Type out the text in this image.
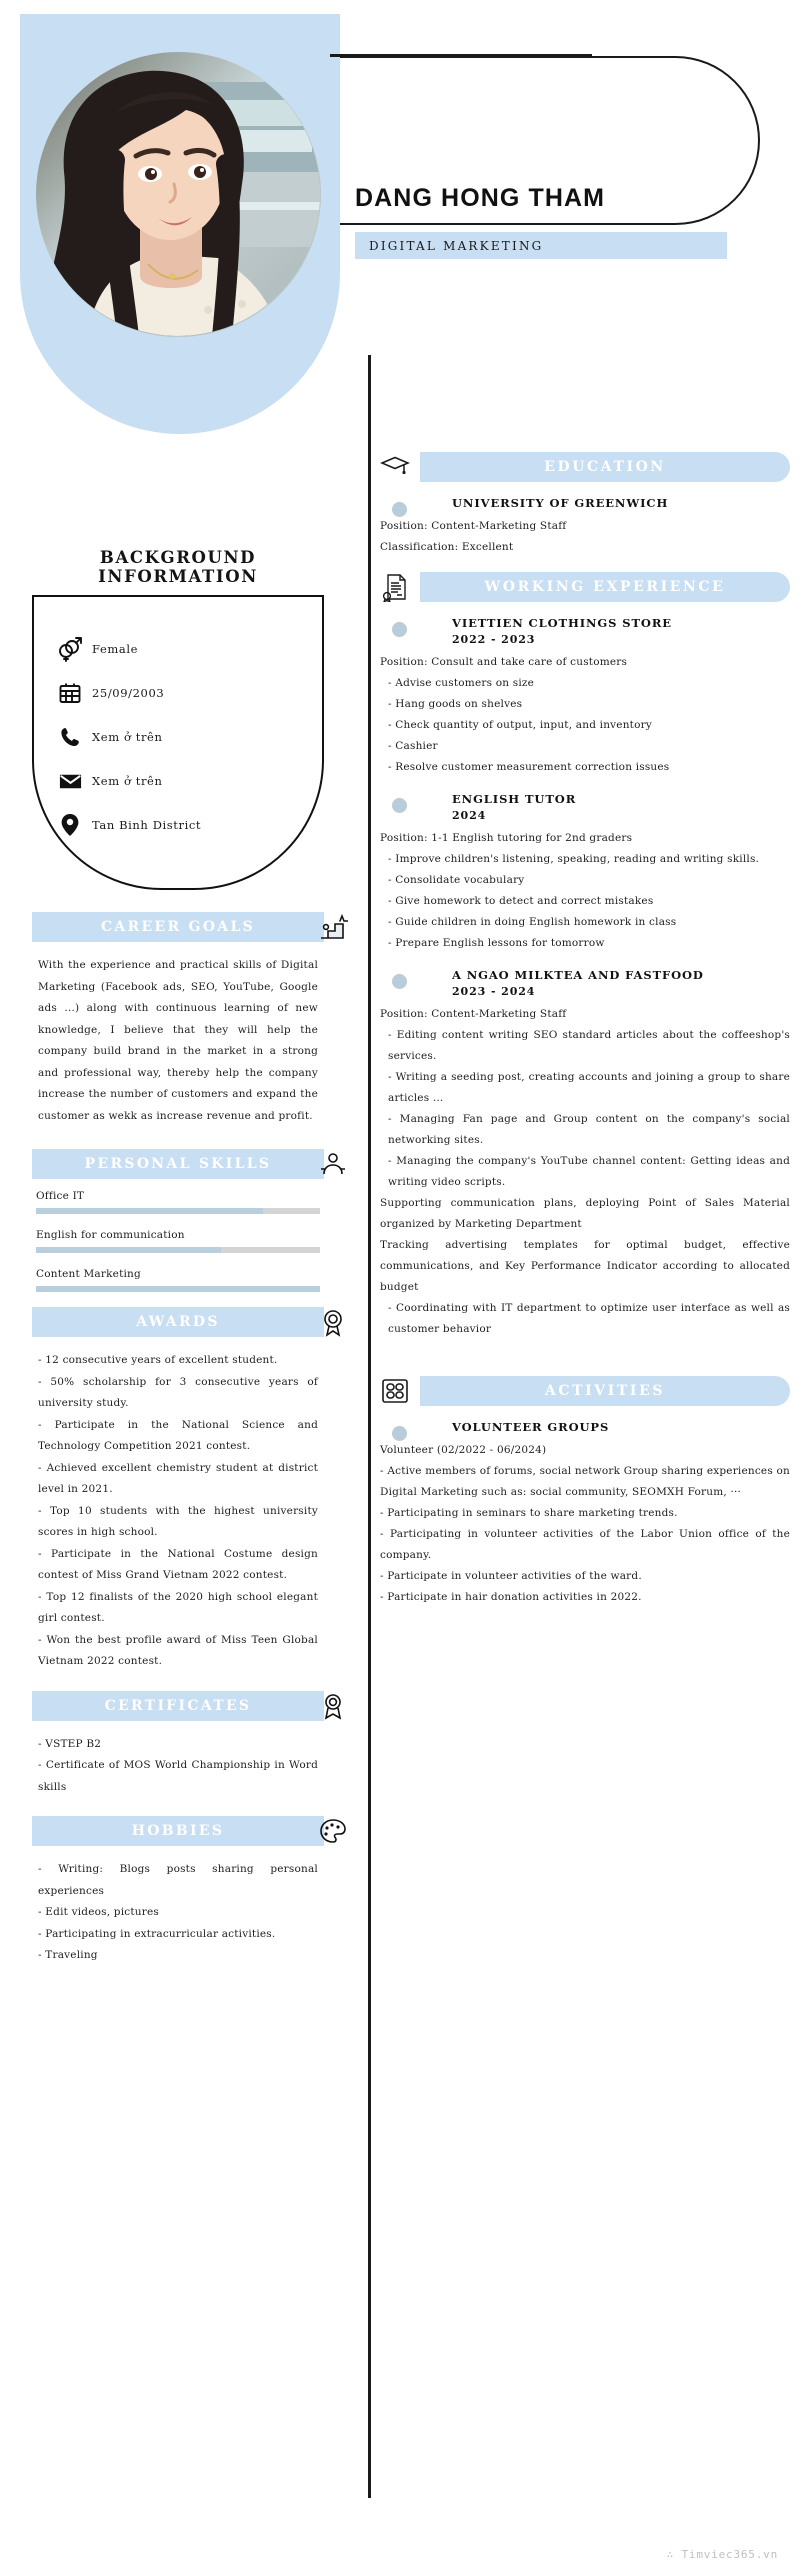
DANG HONG THAM
DIGITAL MARKETING
BACKGROUND INFORMATION
Female
25/09/2003
Xem ở trên
Xem ở trên
Tan Binh District
CAREER GOALS

With the experience and practical skills of Digital Marketing (Facebook ads, SEO, YouTube, Google ads ...) along with continuous learning of new knowledge, I believe that they will help the company build brand in the market in a strong and professional way, thereby help the company increase the number of customers and expand the customer as wekk as increase revenue and profit.

PERSONAL SKILLS
Office IT
English for communication
Content Marketing
AWARDS

- 12 consecutive years of excellent student.

- 50% scholarship for 3 consecutive years of university study.

- Participate in the National Science and Technology Competition 2021 contest.

- Achieved excellent chemistry student at district level in 2021.

- Top 10 students with the highest university scores in high school.

- Participate in the National Costume design contest of Miss Grand Vietnam 2022 contest.

- Top 12 finalists of the 2020 high school elegant girl contest.

- Won the best profile award of Miss Teen Global Vietnam 2022 contest.

CERTIFICATES

- VSTEP B2

- Certificate of MOS World Championship in Word skills

HOBBIES

- Writing: Blogs posts sharing personal experiences

- Edit videos, pictures

- Participating in extracurricular activities.

- Traveling

EDUCATION
UNIVERSITY OF GREENWICH
Position: Content-Marketing Staff
Classification: Excellent
WORKING EXPERIENCE
VIETTIEN CLOTHINGS STORE
2022 - 2023
Position: Consult and take care of customers
- Advise customers on size
- Hang goods on shelves
- Check quantity of output, input, and inventory
- Cashier
- Resolve customer measurement correction issues
ENGLISH TUTOR
2024
Position: 1-1 English tutoring for 2nd graders
- Improve children's listening, speaking, reading and writing skills.
- Consolidate vocabulary
- Give homework to detect and correct mistakes
- Guide children in doing English homework in class
- Prepare English lessons for tomorrow
A NGAO MILKTEA AND FASTFOOD
2023 - 2024
Position: Content-Marketing Staff
- Editing content writing SEO standard articles about the coffeeshop's services.
- Writing a seeding post, creating accounts and joining a group to share articles ...
- Managing Fan page and Group content on the company's social networking sites.
- Managing the company's YouTube channel content: Getting ideas and writing video scripts.
Supporting communication plans, deploying Point of Sales Material organized by Marketing Department
Tracking advertising templates for optimal budget, effective communications, and Key Performance Indicator according to allocated budget
- Coordinating with IT department to optimize user interface as well as customer behavior
ACTIVITIES
VOLUNTEER GROUPS
Volunteer (02/2022 - 06/2024)
- Active members of forums, social network Group sharing experiences on Digital Marketing such as: social community, SEOMXH Forum, ···
- Participating in seminars to share marketing trends.
- Participating in volunteer activities of the Labor Union office of the company.
- Participate in volunteer activities of the ward.
- Participate in hair donation activities in 2022.
∴ Timviec365.vn
